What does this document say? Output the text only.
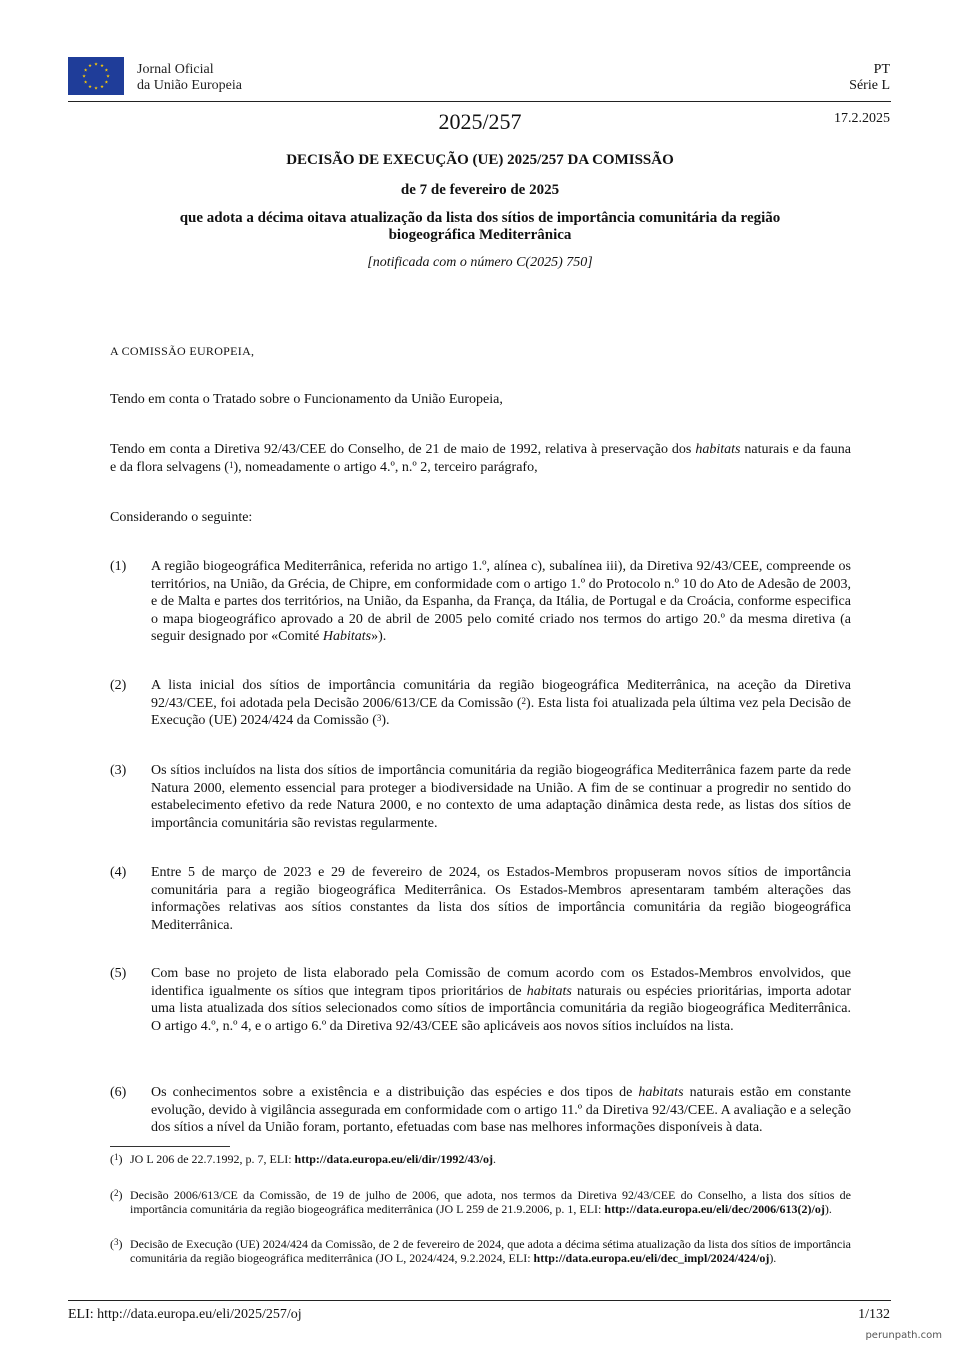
★ ★
★
★
★
★
★
★
★
★
★
★	Jornal Oficial
da União Europeia
PT
Série L
2025/257	17.2.2025
DECISÃO DE EXECUÇÃO (UE) 2025/257 DA COMISSÃO
de 7 de fevereiro de 2025
que adota a décima oitava atualização da lista dos sítios de importância comunitária da região
biogeográfica Mediterrânica
[notificada com o número C(2025) 750]
A COMISSÃO EUROPEIA,
Tendo em conta o Tratado sobre o Funcionamento da União Europeia,
Tendo em conta a Diretiva 92/43/CEE do Conselho, de 21 de maio de 1992, relativa à preservação dos habitats naturais e da fauna e da flora selvagens ($^1$), nomeadamente o artigo 4.º, n.º 2, terceiro parágrafo,
Considerando o seguinte:
(1) A região biogeográfica Mediterrânica, referida no artigo 1.º, alínea c), subalínea iii), da Diretiva 92/43/CEE, compreende os territórios, na União, da Grécia, de Chipre, em conformidade com o artigo 1.º do Protocolo n.º 10 do Ato de Adesão de 2003, e de Malta e partes dos territórios, na União, da Espanha, da França, da Itália, de Portugal e da Croácia, conforme especifica o mapa biogeográfico aprovado a 20 de abril de 2005 pelo comité criado nos termos do artigo 20.º da mesma diretiva (a seguir designado por «Comité Habitats»).
(2) A lista inicial dos sítios de importância comunitária da região biogeográfica Mediterrânica, na aceção da Diretiva 92/43/CEE, foi adotada pela Decisão 2006/613/CE da Comissão ($^2$). Esta lista foi atualizada pela última vez pela Decisão de Execução (UE) 2024/424 da Comissão ($^3$).
(3) Os sítios incluídos na lista dos sítios de importância comunitária da região biogeográfica Mediterrânica fazem parte da rede Natura 2000, elemento essencial para proteger a biodiversidade na União. A fim de se continuar a progredir no sentido do estabelecimento efetivo da rede Natura 2000, e no contexto de uma adaptação dinâmica desta rede, as listas dos sítios de importância comunitária são revistas regularmente.
(4) Entre 5 de março de 2023 e 29 de fevereiro de 2024, os Estados-Membros propuseram novos sítios de importância comunitária para a região biogeográfica Mediterrânica. Os Estados-Membros apresentaram também alterações das informações relativas aos sítios constantes da lista dos sítios de importância comunitária da região biogeográfica Mediterrânica.
(5) Com base no projeto de lista elaborado pela Comissão de comum acordo com os Estados-Membros envolvidos, que identifica igualmente os sítios que integram tipos prioritários de habitats naturais ou espécies prioritárias, importa adotar uma lista atualizada dos sítios selecionados como sítios de importância comunitária da região biogeográfica Mediterrânica. O artigo 4.º, n.º 4, e o artigo 6.º da Diretiva 92/43/CEE são aplicáveis aos novos sítios incluídos na lista.
(6) Os conhecimentos sobre a existência e a distribuição das espécies e dos tipos de habitats naturais estão em constante evolução, devido à vigilância assegurada em conformidade com o artigo 11.º da Diretiva 92/43/CEE. A avaliação e a seleção dos sítios a nível da União foram, portanto, efetuadas com base nas melhores informações disponíveis à data.
($^1$) JO L 206 de 22.7.1992, p. 7, ELI: http://data.europa.eu/eli/dir/1992/43/oj.
($^2$) Decisão 2006/613/CE da Comissão, de 19 de julho de 2006, que adota, nos termos da Diretiva 92/43/CEE do Conselho, a lista dos sítios de importância comunitária da região biogeográfica mediterrânica (JO L 259 de 21.9.2006, p. 1, ELI: http://data.europa.eu/eli/dec/2006/613(2)/oj).
($^3$) Decisão de Execução (UE) 2024/424 da Comissão, de 2 de fevereiro de 2024, que adota a décima sétima atualização da lista dos sítios de importância comunitária da região biogeográfica mediterrânica (JO L, 2024/424, 9.2.2024, ELI: http://data.europa.eu/eli/dec_impl/2024/424/oj).
ELI: http://data.europa.eu/eli/2025/257/oj	1/132
perunpath.com
